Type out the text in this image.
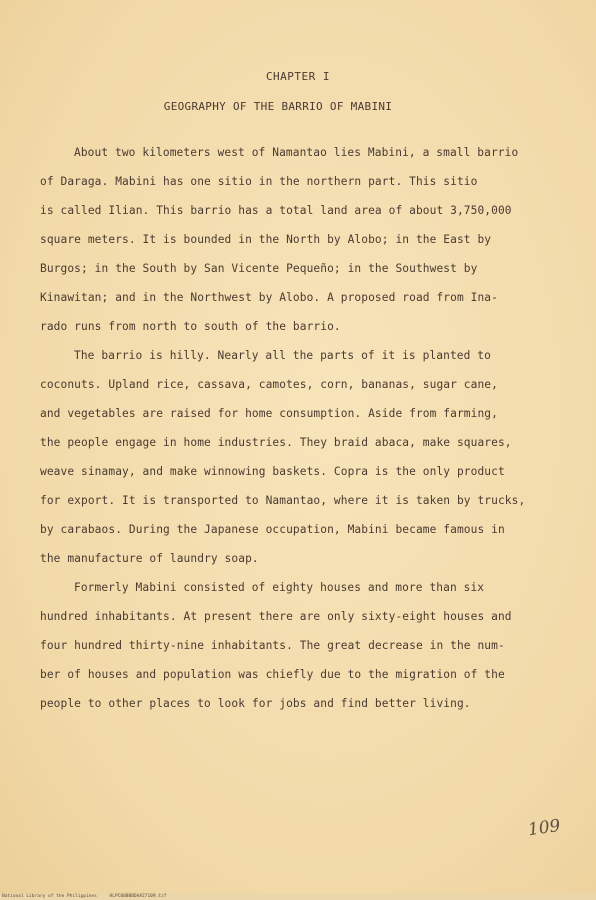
CHAPTER I
GEOGRAPHY OF THE BARRIO OF MABINI
About two kilometers west of Namantao lies Mabini, a small barrio
of Daraga. Mabini has one sitio in the northern part. This sitio
is called Ilian. This barrio has a total land area of about 3,750,000
square meters. It is bounded in the North by Alobo; in the East by
Burgos; in the South by San Vicente Pequeño; in the Southwest by
Kinawitan; and in the Northwest by Alobo. A proposed road from Ina-
rado runs from north to south of the barrio.
The barrio is hilly. Nearly all the parts of it is planted to
coconuts. Upland rice, cassava, camotes, corn, bananas, sugar cane,
and vegetables are raised for home consumption. Aside from farming,
the people engage in home industries. They braid abaca, make squares,
weave sinamay, and make winnowing baskets. Copra is the only product
for export. It is transported to Namantao, where it is taken by trucks,
by carabaos. During the Japanese occupation, Mabini became famous in
the manufacture of laundry soap.
Formerly Mabini consisted of eighty houses and more than six
hundred inhabitants. At present there are only sixty-eight houses and
four hundred thirty-nine inhabitants. The great decrease in the num-
ber of houses and population was chiefly due to the migration of the
people to other places to look for jobs and find better living.
109
National Library of the Philippines	HLPC00BBBDAA27109.tif
